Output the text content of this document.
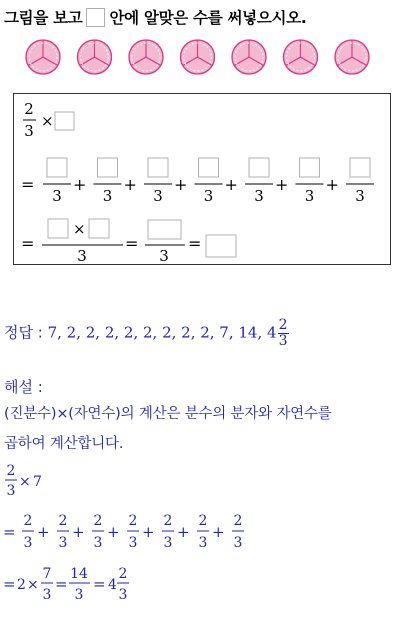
그림을 보고 안에 알맞은 수를 써넣으시오.
2
3
×
=
3
+
3
+
3
+
3
+
3
+
3
+
3
=
×
3
=
3
=
정답 : 7, 2, 2, 2, 2, 2, 2, 2, 2, 7, 14, $4 \frac{2}{3}$
해설 :
(진분수)×(자연수)의 계산은 분수의 분자와 자연수를
곱하여 계산합니다.
2
3
× 7
=
2
3
+
2
3
+
2
3
+
2
3
+
2
3
+
2
3
+
2
3
= 2 ×
7
3
=
14
3
= 4
2
3
